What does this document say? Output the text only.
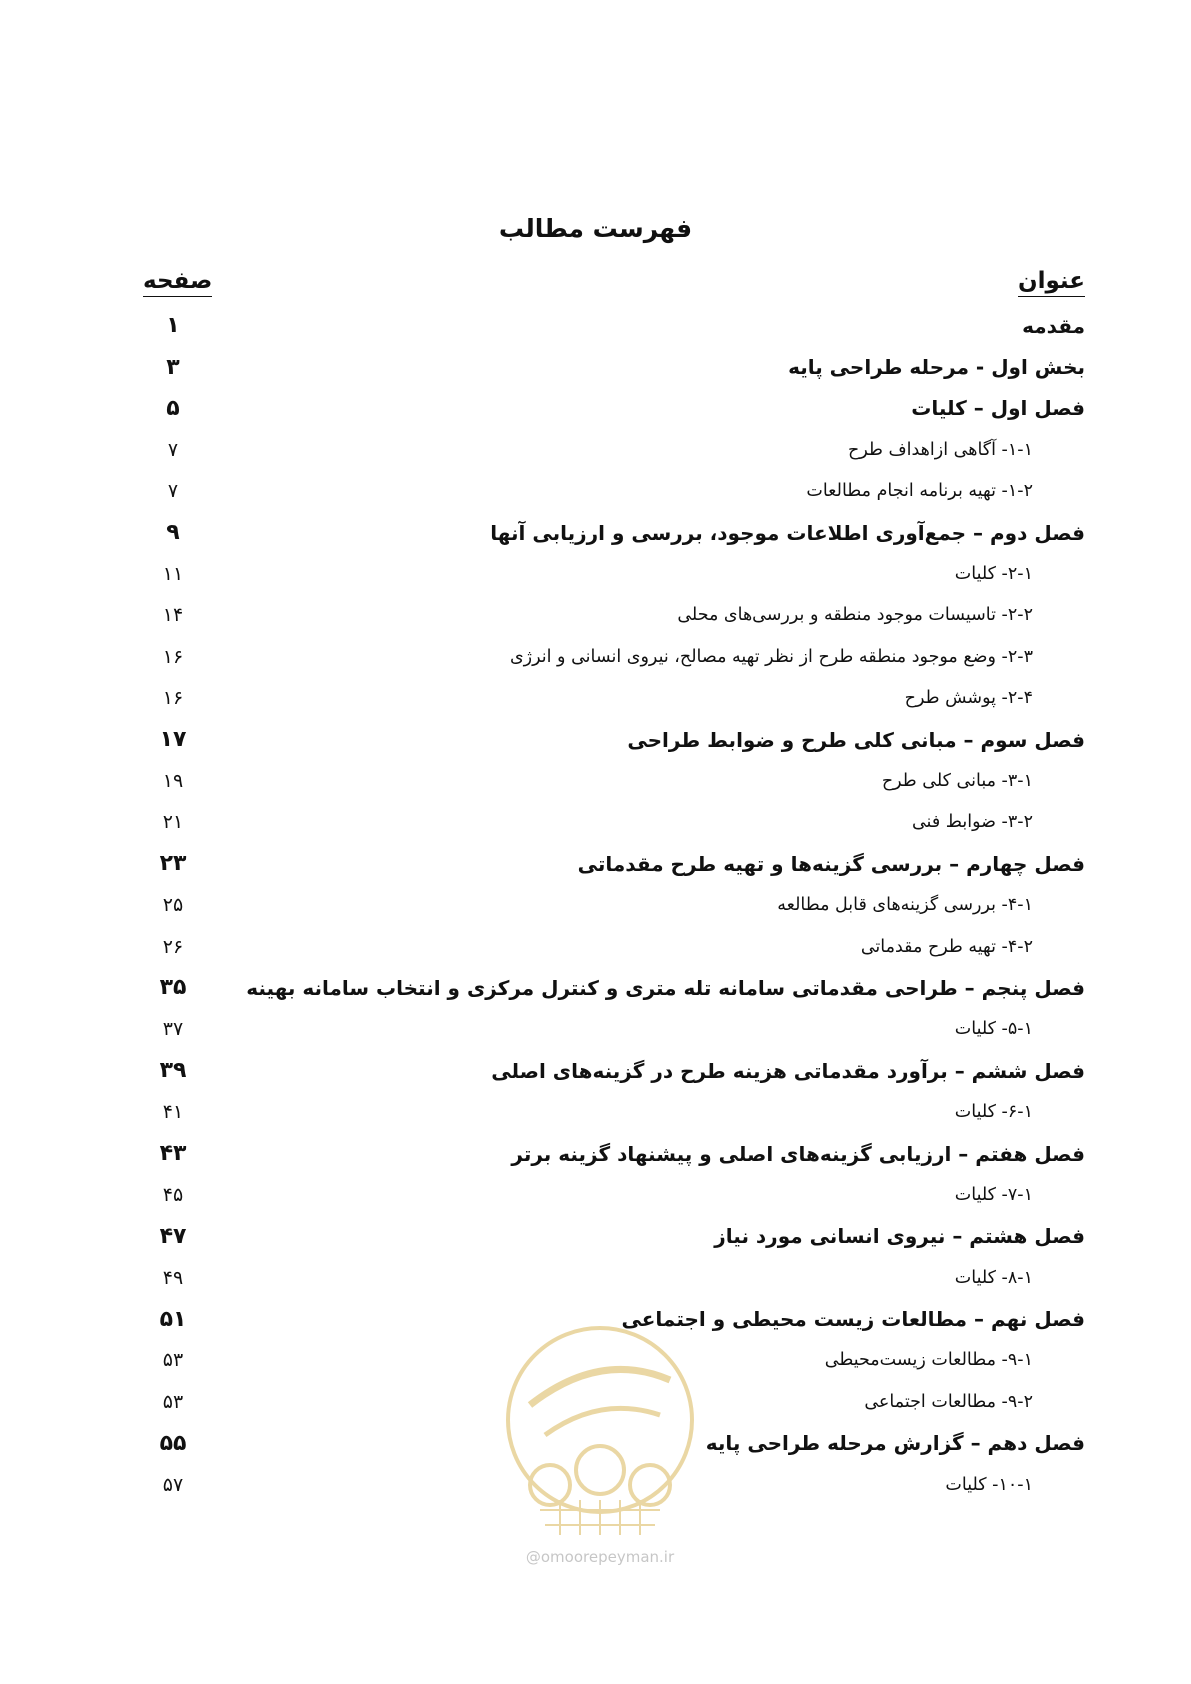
فهرست مطالب
عنوان
صفحه
مقدمه
۱
بخش اول - مرحله طراحی پایه
۳
فصل اول – کلیات
۵
۱-۱- آگاهی ازاهداف طرح
۷
۱-۲- تهیه برنامه انجام مطالعات
۷
فصل دوم – جمع‌آوری اطلاعات موجود، بررسی و ارزیابی آنها
۹
۲-۱- کلیات
۱۱
۲-۲- تاسیسات موجود منطقه و بررسی‌های محلی
۱۴
۲-۳- وضع موجود منطقه طرح از نظر تهیه مصالح، نیروی انسانی و انرژی
۱۶
۲-۴- پوشش طرح
۱۶
فصل سوم – مبانی کلی طرح و ضوابط طراحی
۱۷
۳-۱- مبانی کلی طرح
۱۹
۳-۲- ضوابط فنی
۲۱
فصل چهارم – بررسی گزینه‌ها و تهیه طرح مقدماتی
۲۳
۴-۱- بررسی گزینه‌های قابل مطالعه
۲۵
۴-۲- تهیه طرح مقدماتی
۲۶
فصل پنجم – طراحی مقدماتی سامانه تله متری و کنترل مرکزی و انتخاب سامانه بهینه
۳۵
۵-۱- کلیات
۳۷
فصل ششم – برآورد مقدماتی هزینه طرح در گزینه‌های اصلی
۳۹
۶-۱- کلیات
۴۱
فصل هفتم – ارزیابی گزینه‌های اصلی و پیشنهاد گزینه برتر
۴۳
۷-۱- کلیات
۴۵
فصل هشتم – نیروی انسانی مورد نیاز
۴۷
۸-۱- کلیات
۴۹
فصل نهم – مطالعات زیست محیطی و اجتماعی
۵۱
۹-۱- مطالعات زیست‌محیطی
۵۳
۹-۲- مطالعات اجتماعی
۵۳
فصل دهم – گزارش مرحله طراحی پایه
۵۵
۱۰-۱- کلیات
۵۷
@omoorepeyman.ir
